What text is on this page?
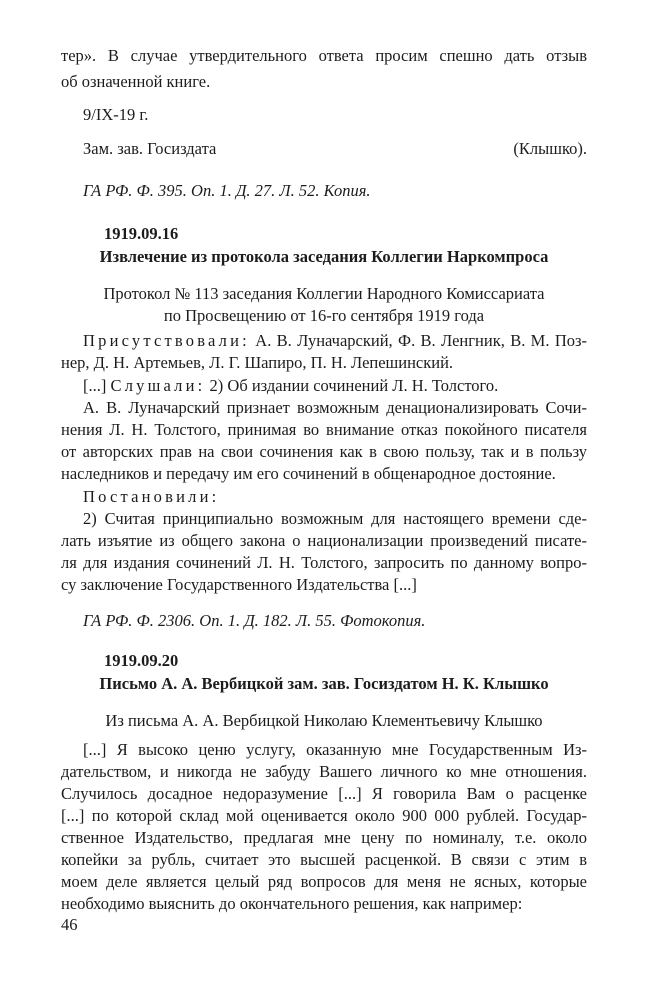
тер». В случае утвердительного ответа просим спешно дать отзыв
об означенной книге.
9/IX-19 г.
Зам. зав. Госиздата	(Клышко).
ГА РФ. Ф. 395. Оп. 1. Д. 27. Л. 52. Копия.
1919.09.16
Извлечение из протокола заседания Коллегии Наркомпроса
Протокол № 113 заседания Коллегии Народного Комиссариата
по Просвещению от 16-го сентября 1919 года
Присутствовали: А. В. Луначарский, Ф. В. Ленгник, В. М. Поз-
нер, Д. Н. Артемьев, Л. Г. Шапиро, П. Н. Лепешинский.
[...] Слушали: 2) Об издании сочинений Л. Н. Толстого.
А. В. Луначарский признает возможным денационализировать Сочи-
нения Л. Н. Толстого, принимая во внимание отказ покойного писателя
от авторских прав на свои сочинения как в свою пользу, так и в пользу
наследников и передачу им его сочинений в общенародное достояние.
Постановили:
2) Считая принципиально возможным для настоящего времени сде-
лать изъятие из общего закона о национализации произведений писате-
ля для издания сочинений Л. Н. Толстого, запросить по данному вопро-
су заключение Государственного Издательства [...]
ГА РФ. Ф. 2306. Оп. 1. Д. 182. Л. 55. Фотокопия.
1919.09.20
Письмо А. А. Вербицкой зам. зав. Госиздатом Н. К. Клышко
Из письма А. А. Вербицкой Николаю Клементьевичу Клышко
[...] Я высоко ценю услугу, оказанную мне Государственным Из-
дательством, и никогда не забуду Вашего личного ко мне отношения.
Случилось досадное недоразумение [...] Я говорила Вам о расценке
[...] по которой склад мой оценивается около 900 000 рублей. Государ-
ственное Издательство, предлагая мне цену по номиналу, т.е. около
копейки за рубль, считает это высшей расценкой. В связи с этим в
моем деле является целый ряд вопросов для меня не ясных, которые
необходимо выяснить до окончательного решения, как например:
46
